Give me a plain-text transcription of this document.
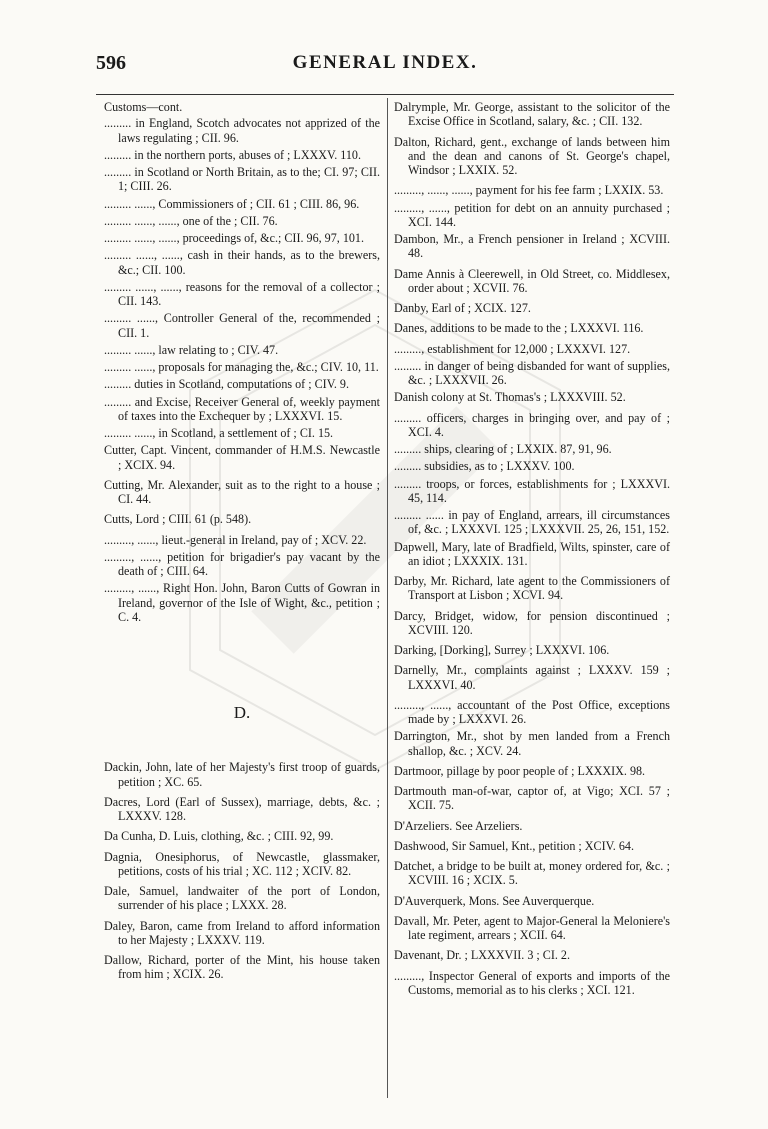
596	GENERAL INDEX.
Customs—cont.
......... in England, Scotch advocates not apprized of the laws regulating ; CII. 96.
......... in the northern ports, abuses of ; LXXXV. 110.
......... in Scotland or North Britain, as to the; CI. 97; CII. 1; CIII. 26.
......... ......, Commissioners of ; CII. 61 ; CIII. 86, 96.
......... ......, ......, one of the ; CII. 76.
......... ......, ......, proceedings of, &c.; CII. 96, 97, 101.
......... ......, ......, cash in their hands, as to the brewers, &c.; CII. 100.
......... ......, ......, reasons for the removal of a collector ; CII. 143.
......... ......, Controller General of the, recommended ; CII. 1.
......... ......, law relating to ; CIV. 47.
......... ......, proposals for managing the, &c.; CIV. 10, 11.
......... duties in Scotland, computations of ; CIV. 9.
......... and Excise, Receiver General of, weekly payment of taxes into the Exchequer by ; LXXXVI. 15.
......... ......, in Scotland, a settlement of ; CI. 15.
Cutter, Capt. Vincent, commander of H.M.S. Newcastle ; XCIX. 94.
Cutting, Mr. Alexander, suit as to the right to a house ; CI. 44.
Cutts, Lord ; CIII. 61 (p. 548).
........., ......, lieut.-general in Ireland, pay of ; XCV. 22.
........., ......, petition for brigadier's pay vacant by the death of ; CIII. 64.
........., ......, Right Hon. John, Baron Cutts of Gowran in Ireland, governor of the Isle of Wight, &c., petition ; C. 4.
D.
Dackin, John, late of her Majesty's first troop of guards, petition ; XC. 65.
Dacres, Lord (Earl of Sussex), marriage, debts, &c. ; LXXXV. 128.
Da Cunha, D. Luis, clothing, &c. ; CIII. 92, 99.
Dagnia, Onesiphorus, of Newcastle, glassmaker, petitions, costs of his trial ; XC. 112 ; XCIV. 82.
Dale, Samuel, landwaiter of the port of London, surrender of his place ; LXXX. 28.
Daley, Baron, came from Ireland to afford information to her Majesty ; LXXXV. 119.
Dallow, Richard, porter of the Mint, his house taken from him ; XCIX. 26.
Dalrymple, Mr. George, assistant to the solicitor of the Excise Office in Scotland, salary, &c. ; CII. 132.
Dalton, Richard, gent., exchange of lands between him and the dean and canons of St. George's chapel, Windsor ; LXXIX. 52.
........., ......, ......, payment for his fee farm ; LXXIX. 53.
........., ......, petition for debt on an annuity purchased ; XCI. 144.
Dambon, Mr., a French pensioner in Ireland ; XCVIII. 48.
Dame Annis à Cleerewell, in Old Street, co. Middlesex, order about ; XCVII. 76.
Danby, Earl of ; XCIX. 127.
Danes, additions to be made to the ; LXXXVI. 116.
........., establishment for 12,000 ; LXXXVI. 127.
......... in danger of being disbanded for want of supplies, &c. ; LXXXVII. 26.
Danish colony at St. Thomas's ; LXXXVIII. 52.
......... officers, charges in bringing over, and pay of ; XCI. 4.
......... ships, clearing of ; LXXIX. 87, 91, 96.
......... subsidies, as to ; LXXXV. 100.
......... troops, or forces, establishments for ; LXXXVI. 45, 114.
......... ...... in pay of England, arrears, ill circumstances of, &c. ; LXXXVI. 125 ; LXXXVII. 25, 26, 151, 152.
Dapwell, Mary, late of Bradfield, Wilts, spinster, care of an idiot ; LXXXIX. 131.
Darby, Mr. Richard, late agent to the Commissioners of Transport at Lisbon ; XCVI. 94.
Darcy, Bridget, widow, for pension discontinued ; XCVIII. 120.
Darking, [Dorking], Surrey ; LXXXVI. 106.
Darnelly, Mr., complaints against ; LXXXV. 159 ; LXXXVI. 40.
........., ......, accountant of the Post Office, exceptions made by ; LXXXVI. 26.
Darrington, Mr., shot by men landed from a French shallop, &c. ; XCV. 24.
Dartmoor, pillage by poor people of ; LXXXIX. 98.
Dartmouth man-of-war, captor of, at Vigo; XCI. 57 ; XCII. 75.
D'Arzeliers. See Arzeliers.
Dashwood, Sir Samuel, Knt., petition ; XCIV. 64.
Datchet, a bridge to be built at, money ordered for, &c. ; XCVIII. 16 ; XCIX. 5.
D'Auverquerk, Mons. See Auverquerque.
Davall, Mr. Peter, agent to Major-General la Meloniere's late regiment, arrears ; XCII. 64.
Davenant, Dr. ; LXXXVII. 3 ; CI. 2.
........., Inspector General of exports and imports of the Customs, memorial as to his clerks ; XCI. 121.
